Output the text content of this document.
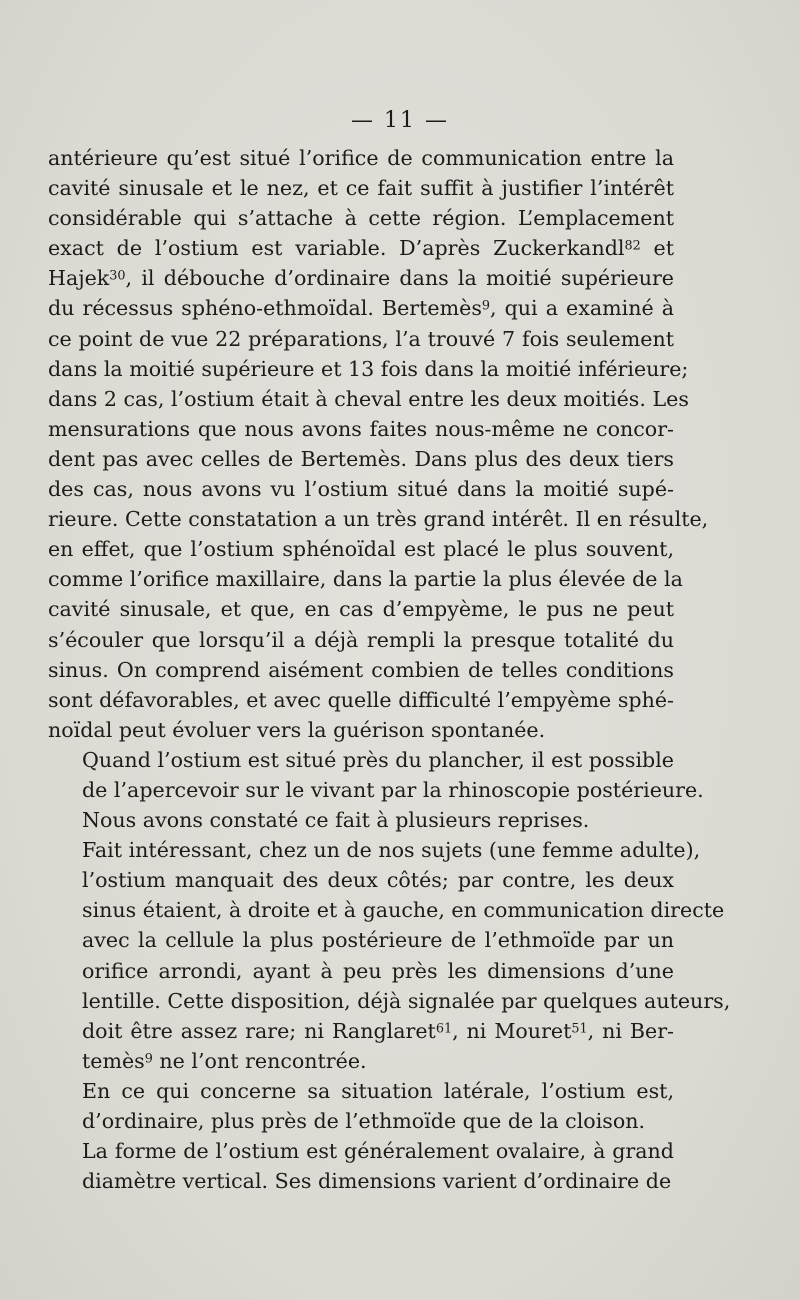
— 11 —

antérieure qu’est situé l’orifice de communication entre la
cavité sinusale et le nez, et ce fait suffit à justifier l’intérêt
considérable qui s’attache à cette région. L’emplacement
exact de l’ostium est variable. D’après Zuckerkandl$^{82}$ et
Hajek$^{30}$, il débouche d’ordinaire dans la moitié supérieure
du récessus sphéno-ethmoïdal. Bertemès$^9$, qui a examiné à
ce point de vue 22 préparations, l’a trouvé 7 fois seulement
dans la moitié supérieure et 13 fois dans la moitié inférieure;
dans 2 cas, l’ostium était à cheval entre les deux moitiés. Les
mensurations que nous avons faites nous-même ne concor-
dent pas avec celles de Bertemès. Dans plus des deux tiers
des cas, nous avons vu l’ostium situé dans la moitié supé-
rieure. Cette constatation a un très grand intérêt. Il en résulte,
en effet, que l’ostium sphénoïdal est placé le plus souvent,
comme l’orifice maxillaire, dans la partie la plus élevée de la
cavité sinusale, et que, en cas d’empyème, le pus ne peut
s’écouler que lorsqu’il a déjà rempli la presque totalité du
sinus. On comprend aisément combien de telles conditions
sont défavorables, et avec quelle difficulté l’empyème sphé-
noïdal peut évoluer vers la guérison spontanée.

Quand l’ostium est situé près du plancher, il est possible
de l’apercevoir sur le vivant par la rhinoscopie postérieure.
Nous avons constaté ce fait à plusieurs reprises.

Fait intéressant, chez un de nos sujets (une femme adulte),
l’ostium manquait des deux côtés; par contre, les deux
sinus étaient, à droite et à gauche, en communication directe
avec la cellule la plus postérieure de l’ethmoïde par un
orifice arrondi, ayant à peu près les dimensions d’une
lentille. Cette disposition, déjà signalée par quelques auteurs,
doit être assez rare; ni Ranglaret$^{61}$, ni Mouret$^{51}$, ni Ber-
temès$^9$ ne l’ont rencontrée.

En ce qui concerne sa situation latérale, l’ostium est,
d’ordinaire, plus près de l’ethmoïde que de la cloison.

La forme de l’ostium est généralement ovalaire, à grand
diamètre vertical. Ses dimensions varient d’ordinaire de
